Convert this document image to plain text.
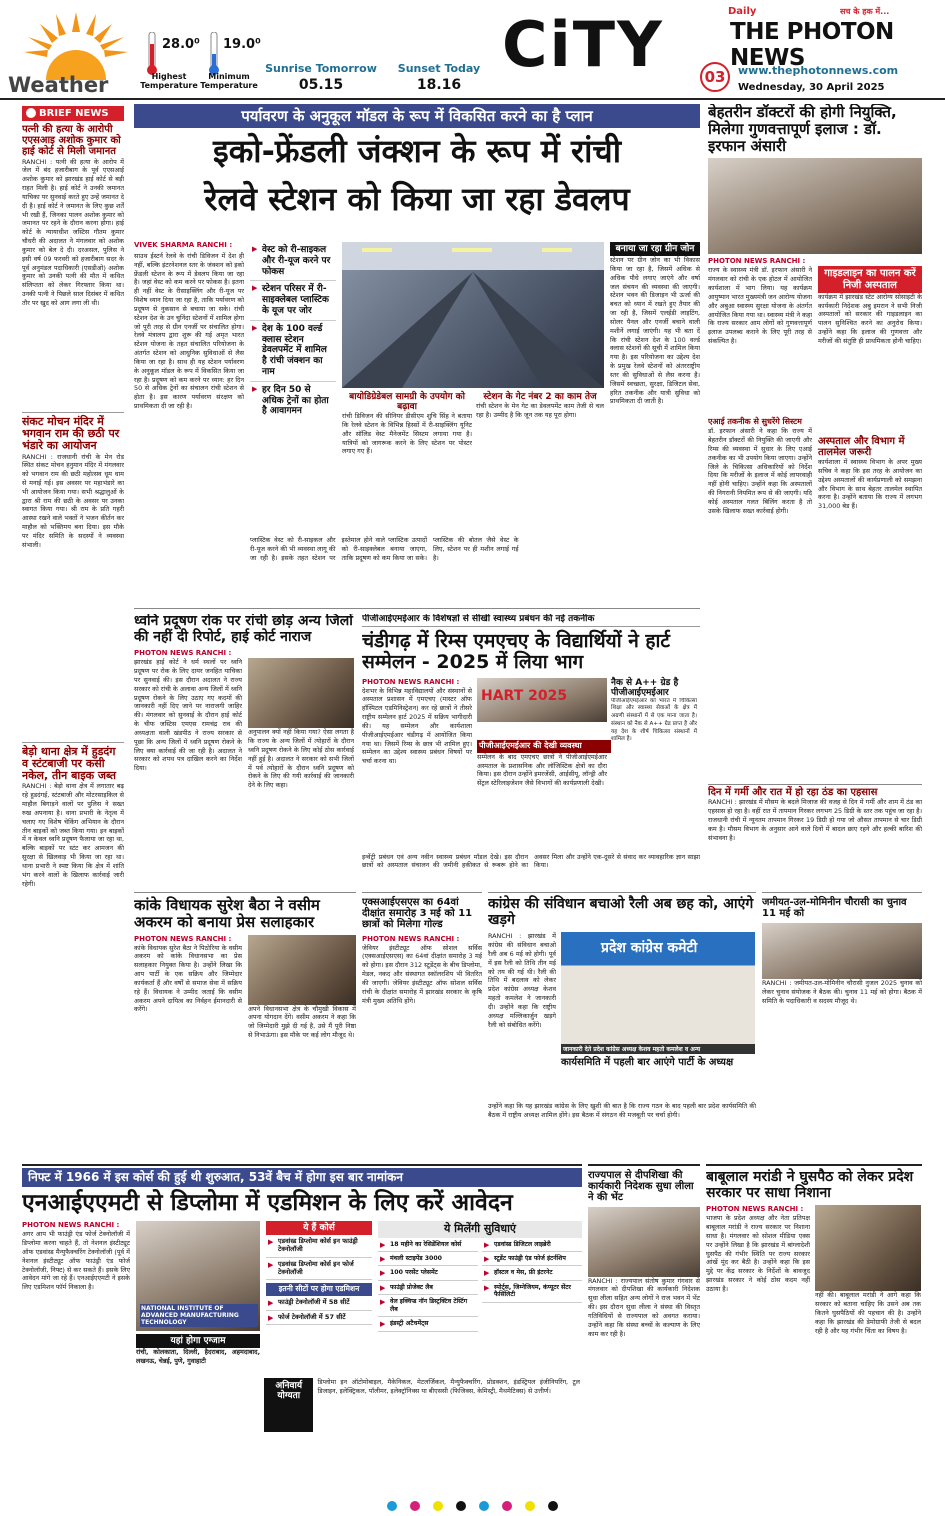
Weather
28.0⁰
Highest Temperature
19.0⁰
Minimum Temperature
Sunrise Tomorrow
05.15
Sunset Today
18.16
CiTY	Daily	सच के हक में...
THE PHOTON NEWS
03	www.thephotonnews.com
Wednesday, 30 April 2025
BRIEF NEWS
पत्नी की हत्या के आरोपी एएसआइ अशोक कुमार को हाई कोर्ट से मिली जमानत
RANCHI : पत्नी की हत्या के आरोप में जेल में बंद हजारीबाग के पूर्व एएसआई अशोक कुमार को झारखंड हाई कोर्ट से बड़ी राहत मिली है। हाई कोर्ट ने उनकी जमानत याचिका पर सुनवाई करते हुए उन्हें जमानत दे दी है। हाई कोर्ट ने जमानत के लिए कुछ शर्तें भी रखी हैं, जिनका पालन अशोक कुमार को जमानत पर रहने के दौरान करना होगा। हाई कोर्ट के न्यायाधीश जस्टिस गौतम कुमार चौधरी की अदालत ने मंगलवार को अशोक कुमार को बेल दे दी। दरअसल, पुलिस ने इसी वर्ष 09 फरवरी को हजारीबाग सदर के पूर्व अनुमंडल पदाधिकारी (एसडीओ) अशोक कुमार को उनकी पत्नी की मौत में कथित संलिप्तता को लेकर गिरफ्तार किया था। उनकी पत्नी ने पिछले साल दिसंबर में कथित तौर पर खुद को आग लगा ली थी।
संकट मोचन मंदिर में भगवान राम की छठी पर भंडारे का आयोजन
RANCHI : राजधानी रांची के मेन रोड स्थित संकट मोचन हनुमान मंदिर में मंगलवार को भगवान राम की छठी महोत्सव धूम धाम से मनाई गई। इस अवसर पर महाभंडारे का भी आयोजन किया गया। सभी श्रद्धालुओं के द्वारा श्री राम की छठी के अवसर पर उनका स्वागत किया गया। श्री राम के प्रति गहरी आस्था रखने वाले भक्तों ने भजन कीर्तन कर माहौल को भक्तिमय बना दिया। इस मौके पर मंदिर समिति के सदस्यों ने व्यवस्था संभाली।
बेड़ो थाना क्षेत्र में हुडदंग व स्टंटबाजी पर कसी नकेल, तीन बाइक जब्त
RANCHI : बेड़ो थाना क्षेत्र में लगातार बढ़ रहे हुडदंगई, स्टंटबाजी और मोटरसाइकिल से माहौल बिगाड़ने वालों पर पुलिस ने सख्त रुख अपनाया है। थाना प्रभारी के नेतृत्व में चलाए गए विशेष चेकिंग अभियान के दौरान तीन बाइकों को जब्त किया गया। इन बाइकों में न केवल ध्वनि प्रदूषण फैलाया जा रहा था, बल्कि बाइकों पर स्टंट कर आमजन की सुरक्षा से खिलवाड़ भी किया जा रहा था। थाना प्रभारी ने स्पष्ट किया कि क्षेत्र में शांति भंग करने वालों के खिलाफ कार्रवाई जारी रहेगी।
पर्यावरण के अनुकूल मॉडल के रूप में विकसित करने का है प्लान
इको-फ्रेंडली जंक्शन के रूप में रांची
रेलवे स्टेशन को किया जा रहा डेवलप
VIVEK SHARMA RANCHI :
साउथ ईस्टर्न रेलवे के रांची डिविजन में देश ही नहीं, बल्कि इंटरनेशनल स्तर के जंक्शन को इको फ्रेंडली स्टेशन के रूप में डेवलप किया जा रहा है। जहां वेस्ट को कम करने पर फोकस है। इतना ही नहीं वेस्ट के रीसाइक्लिंग और री-यूज पर विशेष ध्यान दिया जा रहा है, ताकि पर्यावरण को प्रदूषण से नुकसान से बचाया जा सके। रांची स्टेशन देश के उन चुनिंदा स्टेशनों में शामिल होगा जो पूरी तरह से ग्रीन एनर्जी पर संचालित होगा। रेलवे मंत्रालय द्वारा शुरू की गई अमृत भारत स्टेशन योजना के तहत संचालित परियोजना के अंतर्गत स्टेशन को आधुनिक सुविधाओं से लैस किया जा रहा है। साथ ही यह स्टेशन पर्यावरण के अनुकूल मॉडल के रूप में विकसित किया जा रहा है। प्रदूषण को कम करने पर ध्यान: हर दिन 50 से अधिक ट्रेनों का संचालन रांची स्टेशन से होता है। इस कारण पर्यावरण संरक्षण को प्राथमिकता दी जा रही है।
▶ वेस्ट को री-साइकल और री-यूज करने पर फोकस
▶ स्टेशन परिसर में री-साइक्लेबल प्लास्टिक के यूज पर जोर
▶ देश के 100 वर्ल्ड क्लास स्टेशन डेवलपमेंट में शामिल है रांची जंक्शन का नाम
▶ हर दिन 50 से अधिक ट्रेनों का होता है आवागमन
बायोडिग्रेडेबल सामग्री के उपयोग को बढ़ावा
रांची डिविजन की सीनियर डीसीएम शुचि सिंह ने बताया कि रेलवे स्टेशन के विभिन्न हिस्सों में री-साइक्लिंग यूनिट और सॉलिड वेस्ट मैनेजमेंट सिस्टम लगाया गया है। यात्रियों को जागरूक करने के लिए स्टेशन पर पोस्टर लगाए गए हैं।
स्टेशन के गेट नंबर 2 का काम तेज
रांची स्टेशन के मेन गेट का डेवलपमेंट काम तेजी से चल रहा है। उम्मीद है कि जून तक यह पूरा होगा।
बनाया जा रहा ग्रीन जोन
स्टेशन पर ग्रीन जोन का भी विकास किया जा रहा है, जिसमें अधिक से अधिक पौधे लगाए जाएंगे और वर्षा जल संचयन की व्यवस्था की जाएगी। स्टेशन भवन की डिजाइन भी ऊर्जा की बचत को ध्यान में रखते हुए तैयार की जा रही है, जिसमें एलईडी लाइटिंग, सोलर पैनल और एनर्जी बचाने वाली मशीनें लगाई जाएंगी। यह भी बता दें कि रांची स्टेशन देश के 100 वर्ल्ड क्लास स्टेशनों की सूची में शामिल किया गया है। इस परियोजना का उद्देश्य देश के प्रमुख रेलवे स्टेशनों को अंतरराष्ट्रीय स्तर की सुविधाओं से लैस करना है। जिसमें स्वच्छता, सुरक्षा, डिजिटल सेवा, हरित तकनीक और यात्री सुविधा को प्राथमिकता दी जाती है।
प्लास्टिक वेस्ट को री-साइकल और री-यूज करने की भी व्यवस्था लागू की जा रही है। इसके तहत स्टेशन पर इस्तेमाल होने वाले प्लास्टिक उत्पादों को री-साइक्लेबल बनाया जाएगा, ताकि प्रदूषण को कम किया जा सके। प्लास्टिक की बोतल जैसे वेस्ट के लिए, स्टेशन पर ही मशीन लगाई गई है।
बेहतरीन डॉक्टरों की होगी नियुक्ति, मिलेगा गुणवत्तापूर्ण इलाज : डॉ. इरफान अंसारी
PHOTON NEWS RANCHI :
राज्य के स्वास्थ्य मंत्री डॉ. इरफान अंसारी ने मंगलवार को रांची के एक होटल में आयोजित कार्यशाला में भाग लिया। यह कार्यक्रम आयुष्मान भारत मुख्यमंत्री जन आरोग्य योजना और अबुआ स्वास्थ्य सुरक्षा योजना के अंतर्गत आयोजित किया गया था। स्वास्थ्य मंत्री ने कहा कि राज्य सरकार आम लोगों को गुणवत्तापूर्ण इलाज उपलब्ध कराने के लिए पूरी तरह से संकल्पित है।
एआई तकनीक से सुधरेंगे सिस्टम
डॉ. इरफान अंसारी ने कहा कि राज्य में बेहतरीन डॉक्टरों की नियुक्ति की जाएगी और रिम्स की व्यवस्था में सुधार के लिए एआई तकनीक का भी उपयोग किया जाएगा। उन्होंने जिले के चिकित्सा अधिकारियों को निर्देश दिया कि मरीजों के इलाज में कोई लापरवाही नहीं होनी चाहिए। उन्होंने कहा कि अस्पतालों की निगरानी नियमित रूप से की जाएगी। यदि कोई अस्पताल गलत बिलिंग करता है तो उसके खिलाफ सख्त कार्रवाई होगी।
गाइडलाइन का पालन करें निजी अस्पताल
कार्यक्रम में झारखंड स्टेट आरोग्य सोसाइटी के कार्यकारी निदेशक अबु इमरान ने सभी निजी अस्पतालों को सरकार की गाइडलाइन का पालन सुनिश्चित करने का अनुरोध किया। उन्होंने कहा कि इलाज की गुणवत्ता और मरीजों की संतुष्टि ही प्राथमिकता होनी चाहिए।
अस्पताल और विभाग में तालमेल जरूरी
कार्यशाला में स्वास्थ्य विभाग के अपर मुख्य सचिव ने कहा कि इस तरह के आयोजन का उद्देश्य अस्पतालों की कार्यप्रणाली को समझना और विभाग के साथ बेहतर तालमेल स्थापित करना है। उन्होंने बताया कि राज्य में लगभग 31,000 बेड हैं।
दिन में गर्मी और रात में हो रहा ठंड का एहसास
RANCHI : झारखंड में मौसम के बदले मिजाज की वजह से दिन में गर्मी और शाम में ठंड का एहसास हो रहा है। वहीं रात में तापमान गिरकर लगभग 25 डिग्री के स्तर तक पहुंच जा रहा है। राजधानी रांची में न्यूनतम तापमान गिरकर 19 डिग्री हो गया जो औसत तापमान से चार डिग्री कम है। मौसम विभाग के अनुसार आने वाले दिनों में बादल छाए रहने और हल्की बारिश की संभावना है।
ध्वनि प्रदूषण रोक पर रांची छोड़ अन्य जिलों की नहीं दी रिपोर्ट, हाई कोर्ट नाराज
PHOTON NEWS RANCHI :
झारखंड हाई कोर्ट ने धर्म स्थलों पर ध्वनि प्रदूषण पर रोक के लिए दायर जनहित याचिका पर सुनवाई की। इस दौरान अदालत ने राज्य सरकार को रांची के अलावा अन्य जिलों में ध्वनि प्रदूषण रोकने के लिए उठाए गए कदमों की जानकारी नहीं दिए जाने पर नाराजगी जाहिर की। मंगलवार को सुनवाई के दौरान हाई कोर्ट के चीफ जस्टिस एमएस रामचंद्र राव की अध्यक्षता वाली खंडपीठ ने राज्य सरकार से पूछा कि अन्य जिलों में ध्वनि प्रदूषण रोकने के लिए क्या कार्रवाई की जा रही है। अदालत ने सरकार को शपथ पत्र दाखिल करने का निर्देश दिया।
अनुपालन क्यों नहीं किया गया? ऐसा लगता है कि राज्य के अन्य जिलों में त्योहारों के दौरान ध्वनि प्रदूषण रोकने के लिए कोई ठोस कार्रवाई नहीं हुई है। अदालत ने सरकार को सभी जिलों में पर्व त्योहारों के दौरान ध्वनि प्रदूषण को रोकने के लिए की गयी कार्रवाई की जानकारी देने के लिए कहा।
पीजीआईएमईआर के विशेषज्ञों से सीखी स्वास्थ्य प्रबंधन की नई तकनीक
चंडीगढ़ में रिम्स एमएचए के विद्यार्थियों ने हार्ट सम्मेलन - 2025 में लिया भाग
PHOTON NEWS RANCHI :
देशभर के विभिन्न महाविद्यालयों और संस्थानों से अस्पताल प्रशासन में एमएचए (मास्टर ऑफ हॉस्पिटल एडमिनिस्ट्रेशन) कर रहे छात्रों ने तीसरे राष्ट्रीय सम्मेलन हार्ट 2025 में सक्रिय भागीदारी की। यह सम्मेलन और कार्यशाला पीजीआईएमईआर चंडीगढ़ में आयोजित किया गया था। जिसमें रिम्स के छात्र भी शामिल हुए। सम्मेलन का उद्देश्य स्वास्थ्य प्रबंधन विषयों पर चर्चा करना था।
HART 2025
नैक से A++ ग्रेड है पीजीआईएमईआर
पीजीआईएमईआर को भारत में चिकित्सा शिक्षा और स्वास्थ्य सेवाओं के क्षेत्र में अग्रणी संस्थानों में से एक माना जाता है। संस्थान को नैक से A++ ग्रेड प्राप्त है और यह देश के शीर्ष चिकित्सा संस्थानों में शामिल है।
पीजीआईएमईआर की देखी व्यवस्था
सम्मेलन के बाद एमएचए छात्रों ने पीजीआईएमईआर अस्पताल के प्रशासनिक और लॉजिस्टिक क्षेत्रों का दौरा किया। इस दौरान उन्होंने इमरजेंसी, आईसीयू, लॉन्ड्री और सेंट्रल स्टेरिलाइजेशन जैसे विभागों की कार्यप्रणाली देखी।
इन्वेंट्री प्रबंधन एवं अन्य नवीन स्वास्थ्य प्रबंधन मॉडल देखे। इस दौरान छात्रों को अस्पताल संचालन की जमीनी हकीकत से रूबरू होने का अवसर मिला और उन्होंने एक-दूसरे से संवाद कर व्यावहारिक ज्ञान साझा किया।
कांके विधायक सुरेश बैठा ने वसीम अकरम को बनाया प्रेस सलाहकार
PHOTON NEWS RANCHI :
कांके विधायक सुरेश बैठा ने पिठोरिया के वसीम अकरम को कांके विधानसभा का प्रेस सलाहकार नियुक्त किया है। उन्होंने लिखा कि आप पार्टी के एक सक्रिय और जिम्मेदार कार्यकर्ता हैं और वर्षों से समाज सेवा में सक्रिय रहे हैं। विधायक ने उम्मीद जताई कि वसीम अकरम अपने दायित्व का निर्वहन ईमानदारी से करेंगे।	अपने विधानसभा क्षेत्र के चौमुखी विकास में अपना योगदान देंगे। वसीम अकरम ने कहा कि जो जिम्मेदारी मुझे दी गई है, उसे मैं पूरी निष्ठा से निभाऊंगा। इस मौके पर कई लोग मौजूद थे।
एक्सआईएसएस का 64वां दीक्षांत समारोह 3 मई को 11 छात्रों को मिलेगा गोल्ड
PHOTON NEWS RANCHI :
जेवियर इंस्टीट्यूट ऑफ सोशल सर्विस (एक्सआईएसएस) का 64वां दीक्षांत समारोह 3 मई को होगा। इस दौरान 312 स्टूडेंट्स के बीच डिप्लोमा, मेडल, नकद और संस्थागत स्कॉलरशिप भी वितरित की जाएगी। जेवियर इंस्टीट्यूट ऑफ सोशल सर्विस रांची के दीक्षांत समारोह में झारखंड सरकार के कृषि मंत्री मुख्य अतिथि होंगे।
कांग्रेस की संविधान बचाओ रैली अब छह को, आएंगे खड़गे
RANCHI : झारखंड में कांग्रेस की संविधान बचाओ रैली अब 6 मई को होगी। पूर्व में इस रैली को तिथि तीन मई को तय की गई थी। रैली की तिथि में बदलाव को लेकर प्रदेश कांग्रेस अध्यक्ष केशव महतो कमलेश ने जानकारी दी। उन्होंने कहा कि राष्ट्रीय अध्यक्ष मल्लिकार्जुन खड़गे रैली को संबोधित करेंगे।
प्रदेश कांग्रेस कमेटी
जानकारी देते प्रदेश कांग्रेस अध्यक्ष केशव महतो कमलेश व अन्य
कार्यसमिति में पहली बार आएंगे पार्टी के अध्यक्ष
उन्होंने कहा कि यह झारखंड कांग्रेस के लिए खुशी की बात है कि राज्य गठन के बाद पहली बार प्रदेश कार्यसमिति की बैठक में राष्ट्रीय अध्यक्ष शामिल होंगे। इस बैठक में संगठन की मजबूती पर चर्चा होगी।
जमीयत-उल-मोमिनीन चौरासी का चुनाव 11 मई को
RANCHI : जमीयत-उल-मोमिनीन चौरासी नुजल 2025 चुनाव को लेकर चुनाव संयोजक ने बैठक की। चुनाव 11 मई को होगा। बैठक में समिति के पदाधिकारी व सदस्य मौजूद थे।
निफ्ट में 1966 में इस कोर्स की हुई थी शुरुआत, 53वें बैच में होगा इस बार नामांकन
एनआईएएमटी से डिप्लोमा में एडमिशन के लिए करें आवेदन
PHOTON NEWS RANCHI :
अगर आप भी फाउंड्री एंड फोर्ज टेक्नोलॉजी में डिप्लोमा करना चाहते हैं, तो नेशनल इंस्टीट्यूट ऑफ एडवांस्ड मैन्युफैक्चरिंग टेक्नोलॉजी (पूर्व में नेशनल इंस्टीट्यूट ऑफ फाउंड्री एंड फोर्ज टेक्नोलॉजी, निफ्ट) से कर सकते हैं। इसके लिए आवेदन मांगे जा रहे हैं। एनआईएएमटी ने इसके लिए एडमिशन फॉर्म निकाला है।
NATIONAL INSTITUTE OF ADVANCED MANUFACTURING TECHNOLOGY
यहां होगा एग्जाम
रांची, कोलकाता, दिल्ली, हैदराबाद, अहमदाबाद, लखनऊ, चेन्नई, पुणे, गुवाहाटी
ये हैं कोर्स
▶ एडवांस्ड डिप्लोमा कोर्स इन फाउंड्री टेक्नोलॉजी
▶ एडवांस्ड डिप्लोमा कोर्स इन फोर्ज टेक्नोलॉजी
इतनी सीटों पर होगा एडमिशन
▶ फाउंड्री टेक्नोलॉजी में 58 सीटें
▶ फोर्ज टेक्नोलॉजी में 57 सीटें
ये मिलेंगी सुविधाएं
▶ 18 महीने का रेसिडेंशियल कोर्स
▶ मंथली स्टाइपेंड 3000
▶ 100 परसेंट प्लेसमेंट
▶ फाउंड्री प्रोजेक्ट लैब
▶ वेल इक्विप्ड नॉन डिस्ट्रक्टिव टेस्टिंग लैब
▶ इंडस्ट्री अटैचमेंट्स
▶ एडवांस्ड डिजिटल लाइब्रेरी
▶ स्टूडेंट फाउंड्री एंड फोर्ज इंटर्नशिप
▶ हॉस्टल व मेस, फ्री इंटरनेट
▶ स्पोर्ट्स, जिम्नेजियम, कंप्यूटर सेंटर फैसिलिटी
अनिवार्य योग्यता
डिप्लोमा इन ऑटोमोबाइल, मैकेनिकल, मेटलर्जिकल, मैन्युफैक्चरिंग, प्रोडक्शन, इंडस्ट्रियल इंजीनियरिंग, टूल डिजाइन, इलेक्ट्रिकल, पॉलीमर, इलेक्ट्रॉनिक्स या बीएससी (फिजिक्स, केमिस्ट्री, मैथमेटिक्स) से उत्तीर्ण।
राज्यपाल से दीपशिखा की कार्यकारी निदेशक सुधा लीला ने की भेंट
RANCHI : राज्यपाल संतोष कुमार गंगवार से मंगलवार को दीपशिखा की कार्यकारी निदेशक सुधा लीला सहित अन्य लोगों ने राज भवन में भेंट की। इस दौरान सुधा लीला ने संस्था की विस्तृत गतिविधियों से राज्यपाल को अवगत कराया। उन्होंने कहा कि संस्था बच्चों के कल्याण के लिए काम कर रही है।
बाबूलाल मरांडी ने घुसपैठ को लेकर प्रदेश सरकार पर साधा निशाना
PHOTON NEWS RANCHI :
भाजपा के प्रदेश अध्यक्ष और नेता प्रतिपक्ष बाबूलाल मरांडी ने राज्य सरकार पर निशाना साधा है। मंगलवार को सोशल मीडिया एक्स पर उन्होंने लिखा है कि झारखंड में बांग्लादेशी घुसपैठ की गंभीर स्थिति पर राज्य सरकार आंखें मूंद कर बैठी है। उन्होंने कहा कि इस मुद्दे पर केंद्र सरकार के निर्देशों के बावजूद झारखंड सरकार ने कोई ठोस कदम नहीं उठाया है।
नहीं की। बाबूलाल मरांडी ने आगे कहा कि सरकार को बताना चाहिए कि उसने अब तक कितने घुसपैठियों की पहचान की है। उन्होंने कहा कि झारखंड की डेमोग्राफी तेजी से बदल रही है और यह गंभीर चिंता का विषय है।
